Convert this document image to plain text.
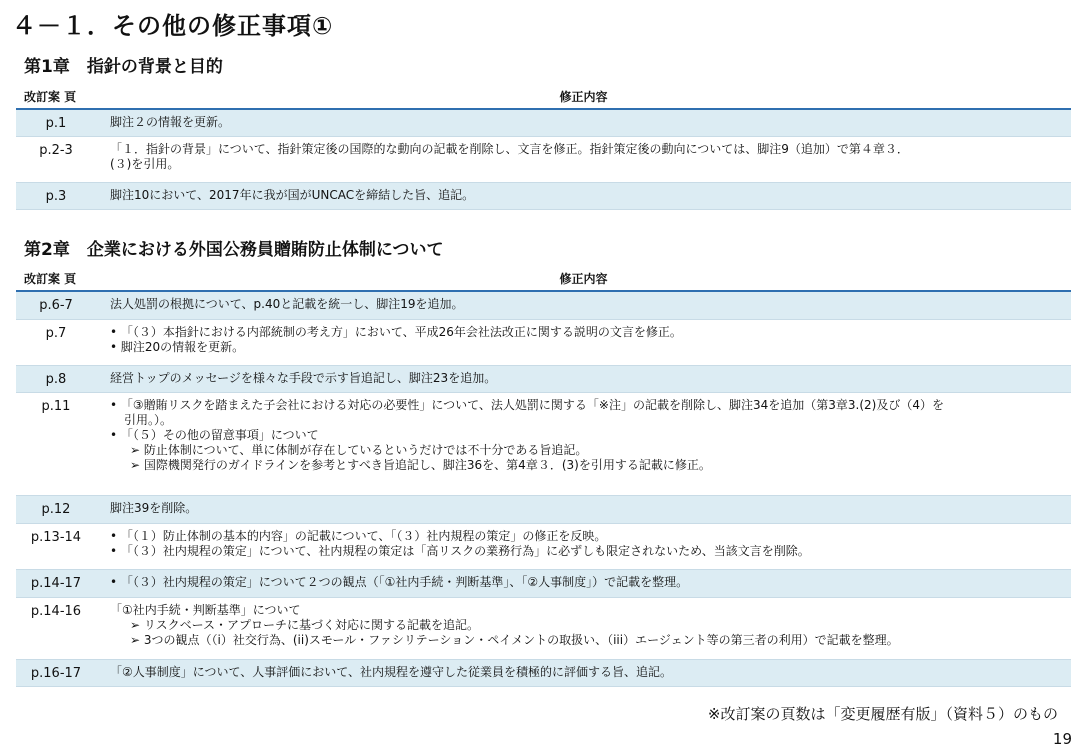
４－１．その他の修正事項①
第1章　指針の背景と目的
改訂案 頁	修正内容
p.1	脚注２の情報を更新。

p.2-3	「１．指針の背景」について、指針策定後の国際的な動向の記載を削除し、文言を修正。指針策定後の動向については、脚注9（追加）で第４章３．
(３)を引用。

p.3	脚注10において、2017年に我が国がUNCACを締結した旨、追記。
第2章　企業における外国公務員贈賄防止体制について
改訂案 頁	修正内容
p.6-7	法人処罰の根拠について、p.40と記載を統一し、脚注19を追加。

p.7	• 「（３）本指針における内部統制の考え方」において、平成26年会社法改正に関する説明の文言を修正。
• 脚注20の情報を更新。

p.8	経営トップのメッセージを様々な手段で示す旨追記し、脚注23を追加。

p.11	• 「③贈賄リスクを踏まえた子会社における対応の必要性」について、法人処罰に関する「※注」の記載を削除し、脚注34を追加（第3章3.(2)及び（4）を
引用。）。
• 「（５）その他の留意事項」について
➢ 防止体制について、単に体制が存在しているというだけでは不十分である旨追記。
➢ 国際機関発行のガイドラインを参考とすべき旨追記し、脚注36を、第4章３．(3)を引用する記載に修正。

p.12	脚注39を削除。

p.13-14	• 「（１）防止体制の基本的内容」の記載について、「（３）社内規程の策定」の修正を反映。
• 「（３）社内規程の策定」について、社内規程の策定は「高リスクの業務行為」に必ずしも限定されないため、当該文言を削除。

p.14-17	• 「（３）社内規程の策定」について２つの観点（「①社内手続・判断基準」、「②人事制度」）で記載を整理。

p.14-16	「①社内手続・判断基準」について
➢ リスクベース・アプローチに基づく対応に関する記載を追記。
➢ 3つの観点（（i）社交行為、(ii)スモール・ファシリテーション・ペイメントの取扱い、（iii）エージェント等の第三者の利用）で記載を整理。

p.16-17	「②人事制度」について、人事評価において、社内規程を遵守した従業員を積極的に評価する旨、追記。
※改訂案の頁数は「変更履歴有版」（資料５）のもの
19
